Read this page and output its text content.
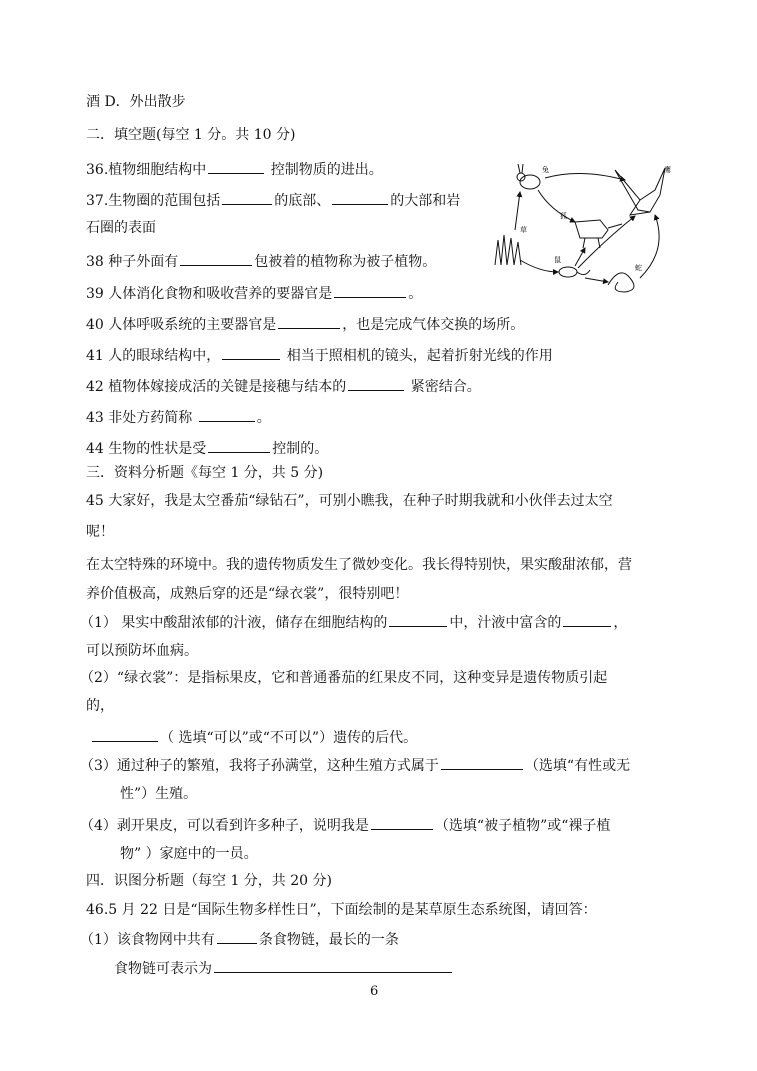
酒 D．外出散步
二．填空题(每空 1 分。共 10 分)
36.植物细胞结构中	控制物质的进出。
37.生物圈的范围包括	的底部、	的大部和岩
石圈的表面
38 种子外面有	包被着的植物称为被子植物。
39 人体消化食物和吸收营养的要器官是	。
40 人体呼吸系统的主要器官是	，也是完成气体交换的场所。
41 人的眼球结构中，	相当于照相机的镜头，起着折射光线的作用
42 植物体嫁接成活的关键是接穗与结本的	紧密结合。
43 非处方药简称	。
44 生物的性状是受	控制的。
三．资料分析题《每空 1 分，共 5 分)
45 大家好，我是太空番茄“绿钻石”，可别小瞧我，在种子时期我就和小伙伴去过太空
呢！
在太空特殊的环境中。我的遗传物质发生了微妙变化。我长得特别快，果实酸甜浓郁，营
养价值极高，成熟后穿的还是“绿衣裳”，很特别吧！
（1） 果实中酸甜浓郁的汁液，储存在细胞结构的	中，汁液中富含的	，
可以预防坏血病。
（2）“绿衣裳”：是指标果皮，它和普通番茄的红果皮不同，这种变异是遗传物质引起
的，
（ 选填“可以”或“不可以”）遗传的后代。
（3）通过种子的繁殖，我将子孙满堂，这种生殖方式属于	（选填“有性或无
性”）生殖。
（4）剥开果皮，可以看到许多种子，说明我是	（选填“被子植物”或“裸子植
物” ）家庭中的一员。
四．识图分析题（每空 1 分，共 20 分)
46.5 月 22 日是“国际生物多样性日”，下面绘制的是某草原生态系统图，请回答：
（1）该食物网中共有	条食物链，最长的一条
食物链可表示为
兔	鹰
狐
草
鼠
蛇
6
